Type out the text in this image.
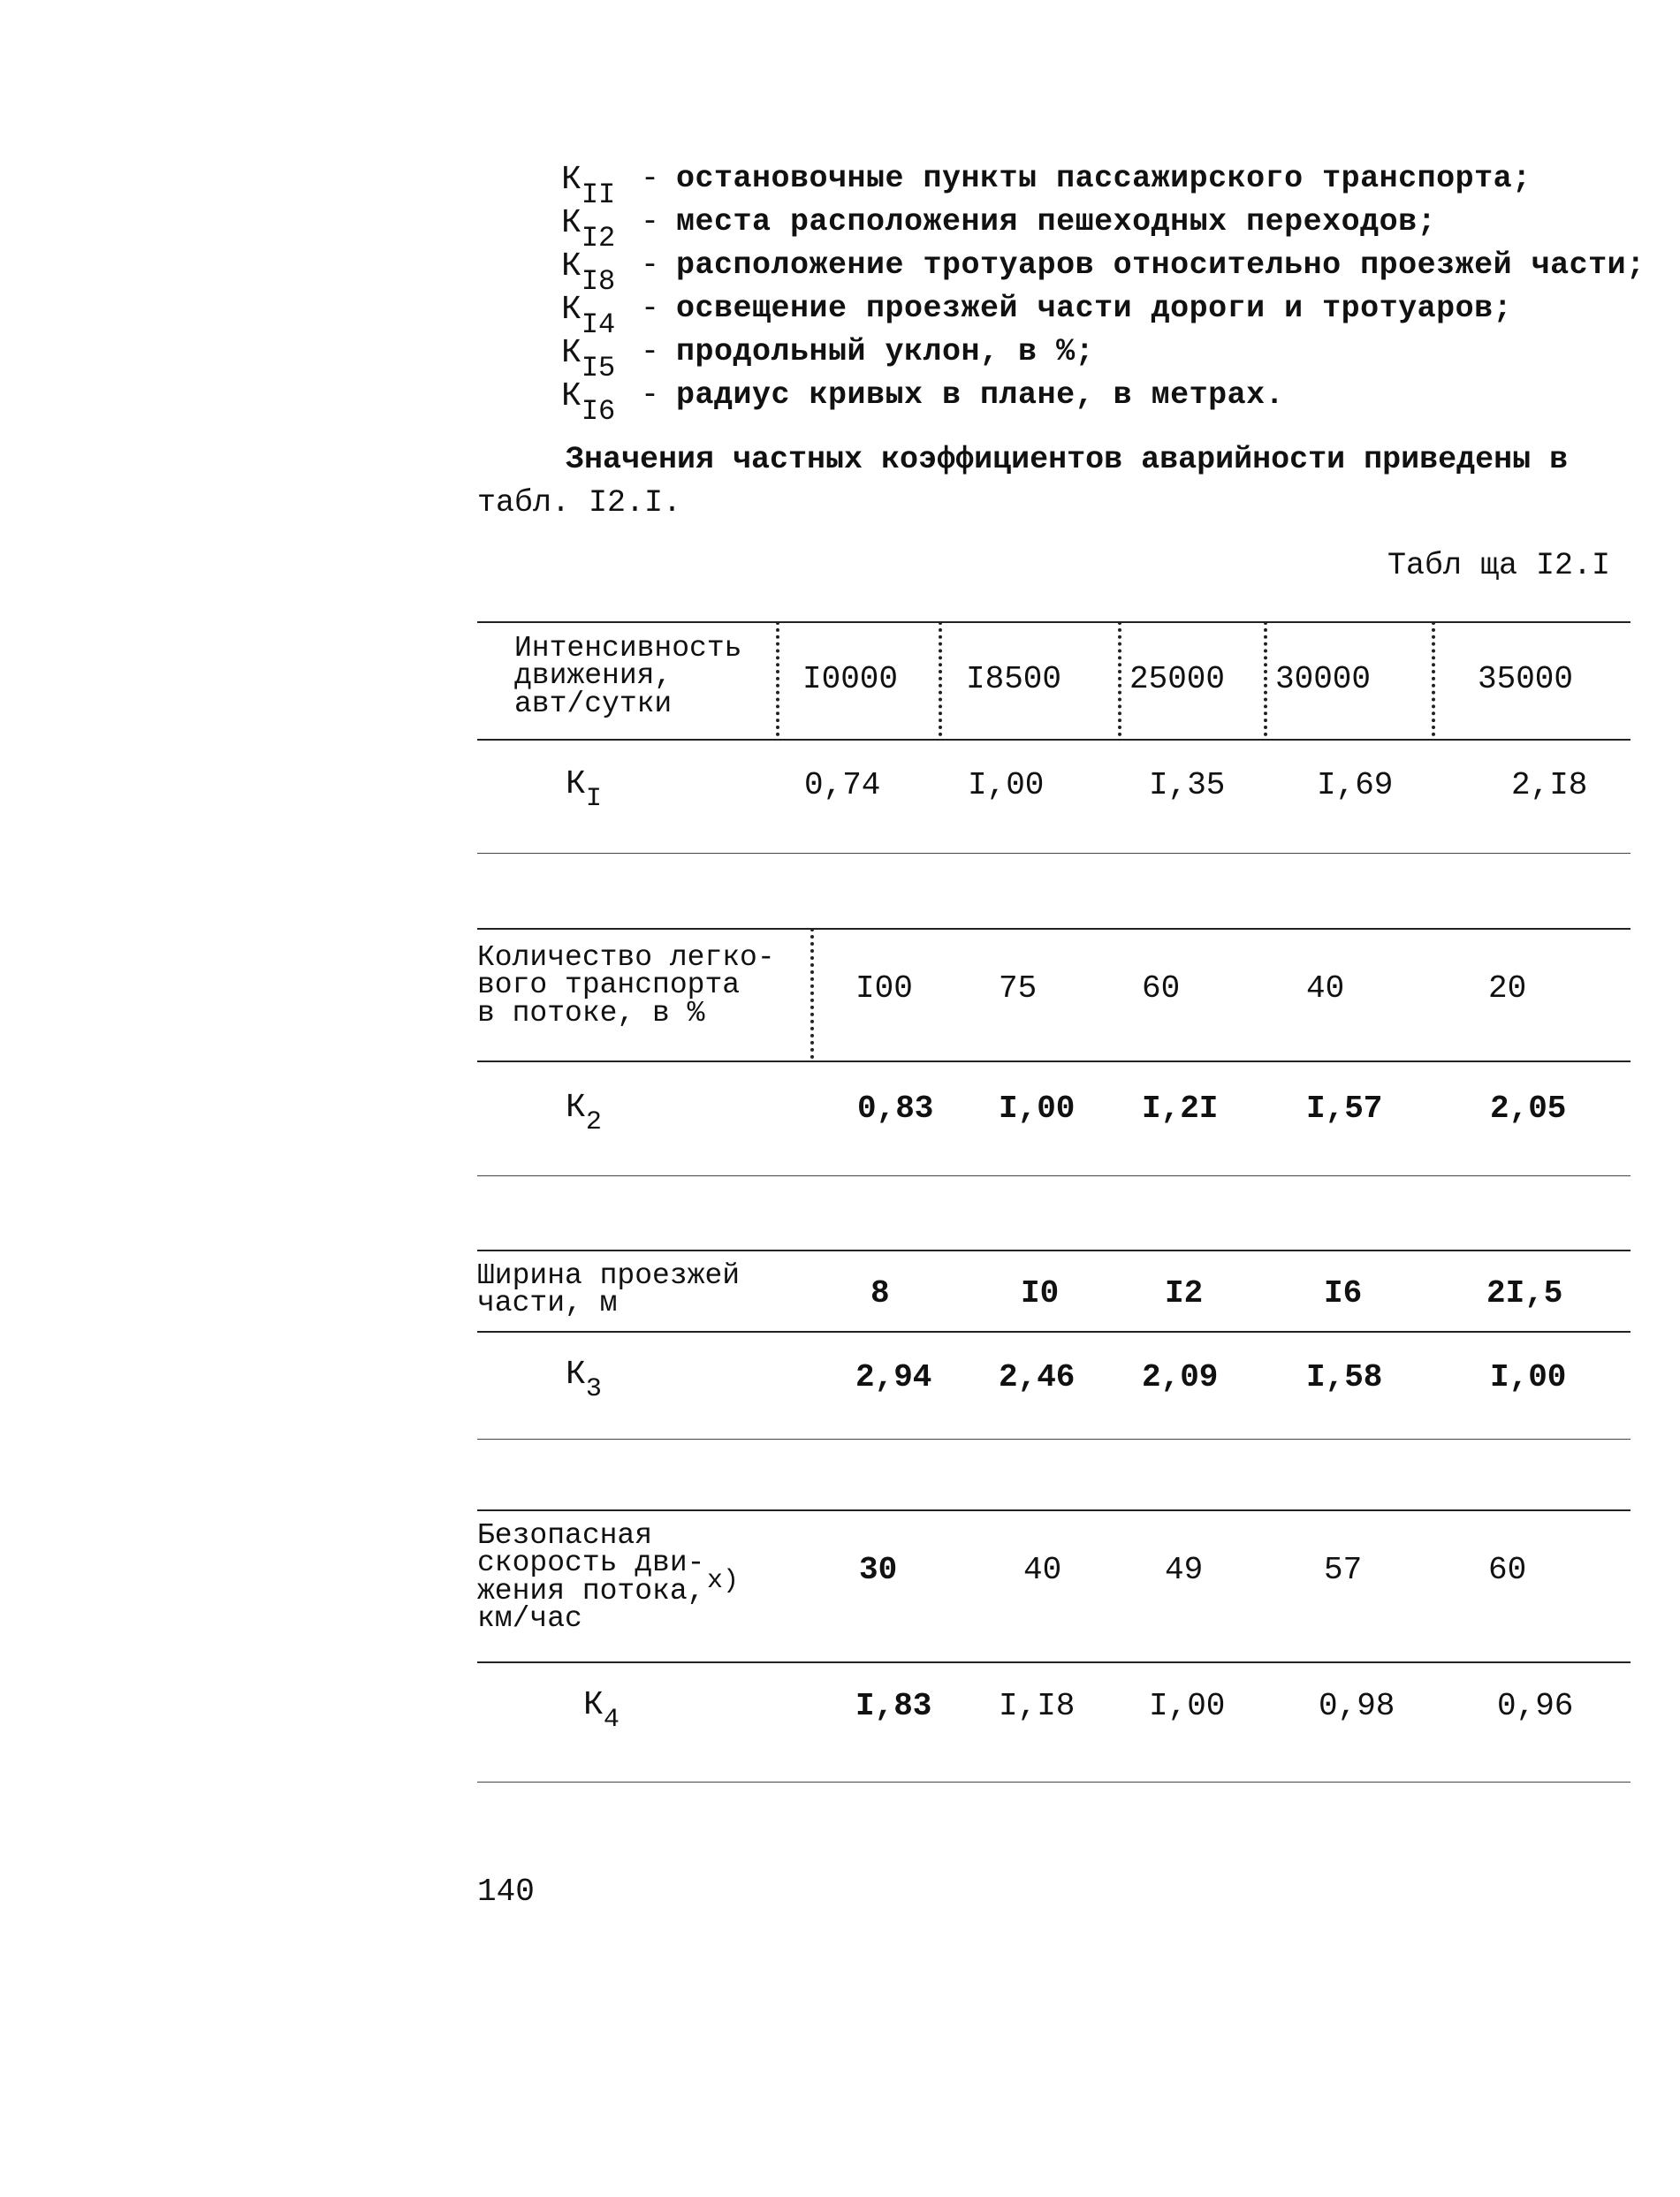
$К_{II}$ - остановочные пункты пассажирского транспорта;
$К_{I2}$ - места расположения пешеходных переходов;
$К_{I8}$ - расположение тротуаров относительно проезжей части;
$К_{I4}$ - освещение проезжей части дороги и тротуаров;
$К_{I5}$ - продольный уклон, в %;
$К_{I6}$ - радиус кривых в плане, в метрах.
Значения частных коэффициентов аварийности приведены в
табл. I2.I.
Табл ща I2.I
Интенсивность
движения,
авт/сутки
I0000 I8500 25000 30000	35000
$К_I$	0,74	I,00	I,35	I,69	2,I8
Количество легко-
вого транспорта
в потоке, в %
I00	75	60	40	20
$К_2$	0,83 I,00 I,2I	I,57	2,05
Ширина проезжей
части, м	8	I0	I2	I6	2I,5
$К_3$	2,94 2,46 2,09	I,58	I,00
Безопасная
скорость дви-
жения потока,
км/час
х)	30	40	49	57	60
$К_4$	I,83 I,I8 I,00	0,98	0,96
140
